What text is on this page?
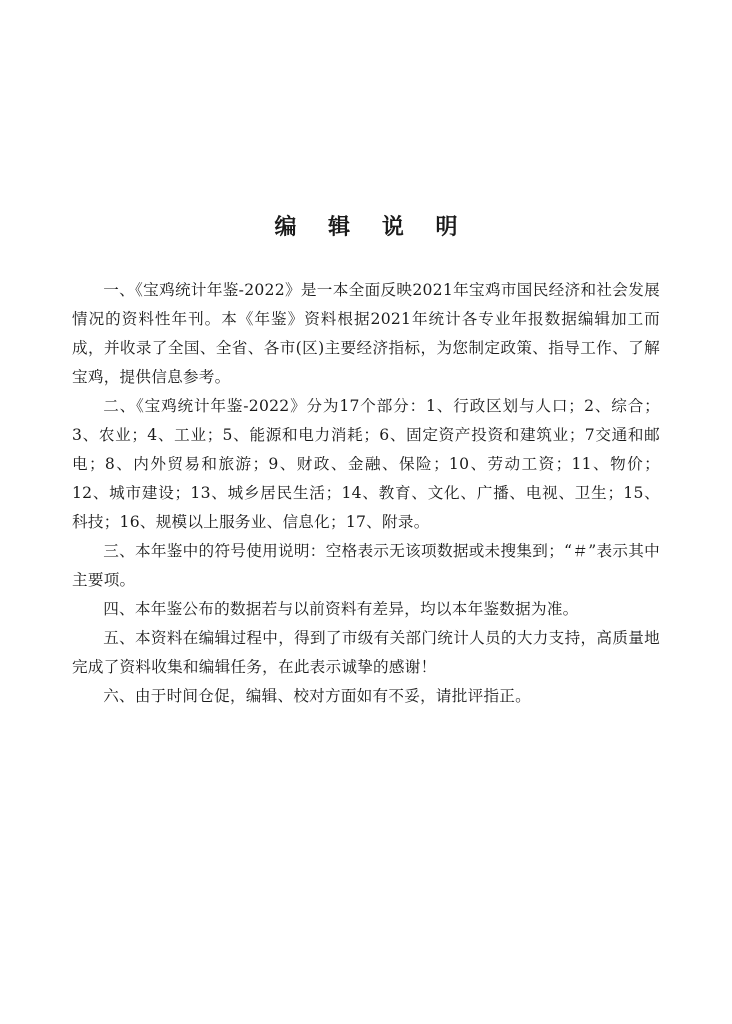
编 辑 说 明

一、《宝鸡统计年鉴-2022》是一本全面反映2021年宝鸡市国民经济和社会发展情况的资料性年刊。本《年鉴》资料根据2021年统计各专业年报数据编辑加工而成，并收录了全国、全省、各市(区)主要经济指标，为您制定政策、指导工作、了解宝鸡，提供信息参考。

二、《宝鸡统计年鉴-2022》分为17个部分：1、行政区划与人口；2、综合；3、农业；4、工业；5、能源和电力消耗；6、固定资产投资和建筑业；7交通和邮电；8、内外贸易和旅游；9、财政、金融、保险；10、劳动工资；11、物价；12、城市建设；13、城乡居民生活；14、教育、文化、广播、电视、卫生；15、科技；16、规模以上服务业、信息化；17、附录。

三、本年鉴中的符号使用说明：空格表示无该项数据或未搜集到；“＃”表示其中主要项。

四、本年鉴公布的数据若与以前资料有差异，均以本年鉴数据为准。

五、本资料在编辑过程中，得到了市级有关部门统计人员的大力支持，高质量地完成了资料收集和编辑任务，在此表示诚挚的感谢！

六、由于时间仓促，编辑、校对方面如有不妥，请批评指正。
